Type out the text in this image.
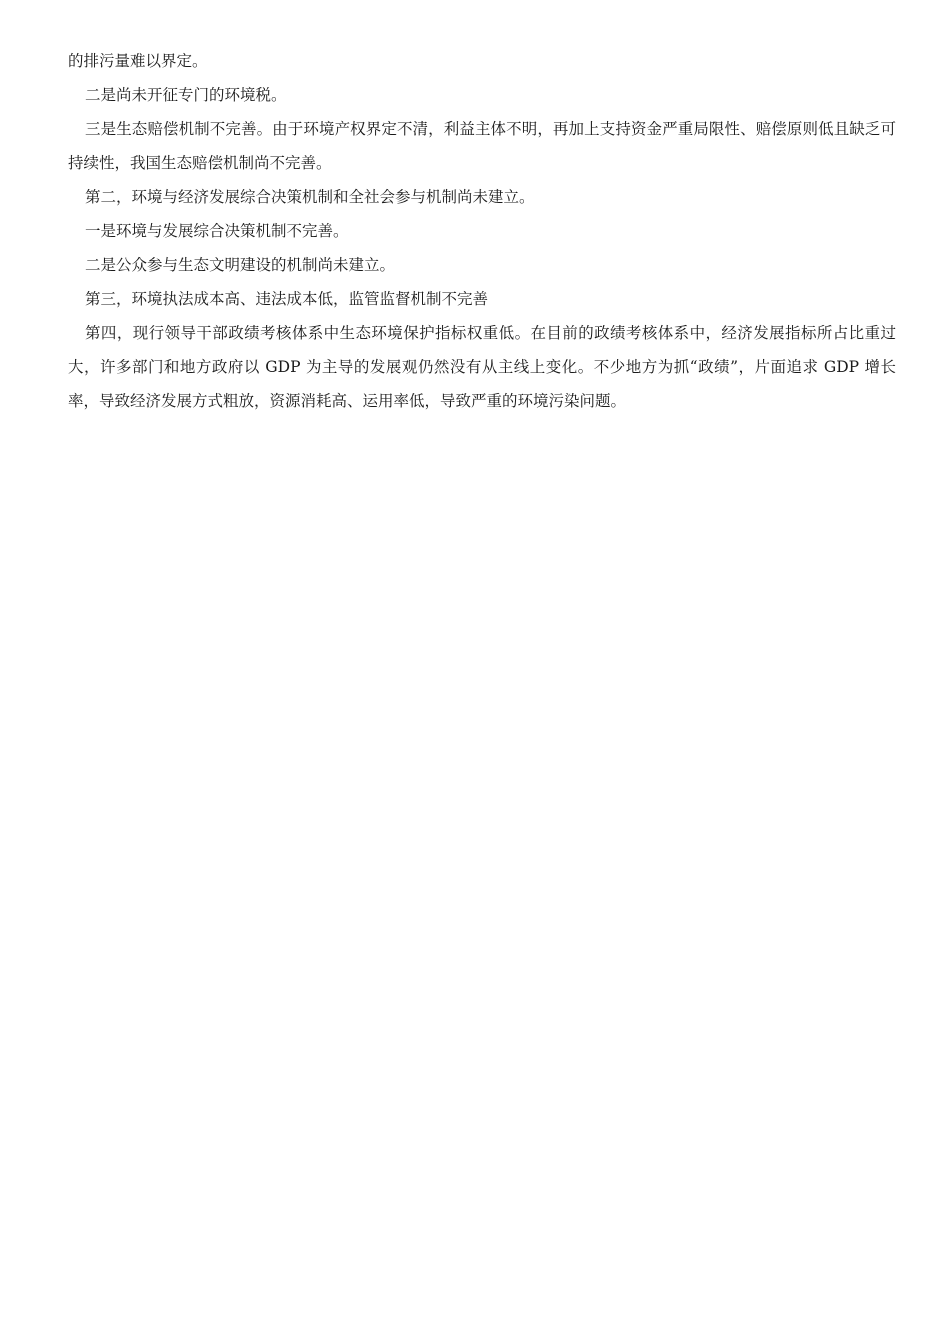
的排污量难以界定。

二是尚未开征专门的环境税。

三是生态赔偿机制不完善。由于环境产权界定不清，利益主体不明，再加上支持资金严重局限性、赔偿原则低且缺乏可持续性，我国生态赔偿机制尚不完善。

第二，环境与经济发展综合决策机制和全社会参与机制尚未建立。

一是环境与发展综合决策机制不完善。

二是公众参与生态文明建设的机制尚未建立。

第三，环境执法成本高、违法成本低，监管监督机制不完善

第四，现行领导干部政绩考核体系中生态环境保护指标权重低。在目前的政绩考核体系中，经济发展指标所占比重过大，许多部门和地方政府以 GDP 为主导的发展观仍然没有从主线上变化。不少地方为抓“政绩”，片面追求 GDP 增长率，导致经济发展方式粗放，资源消耗高、运用率低，导致严重的环境污染问题。
